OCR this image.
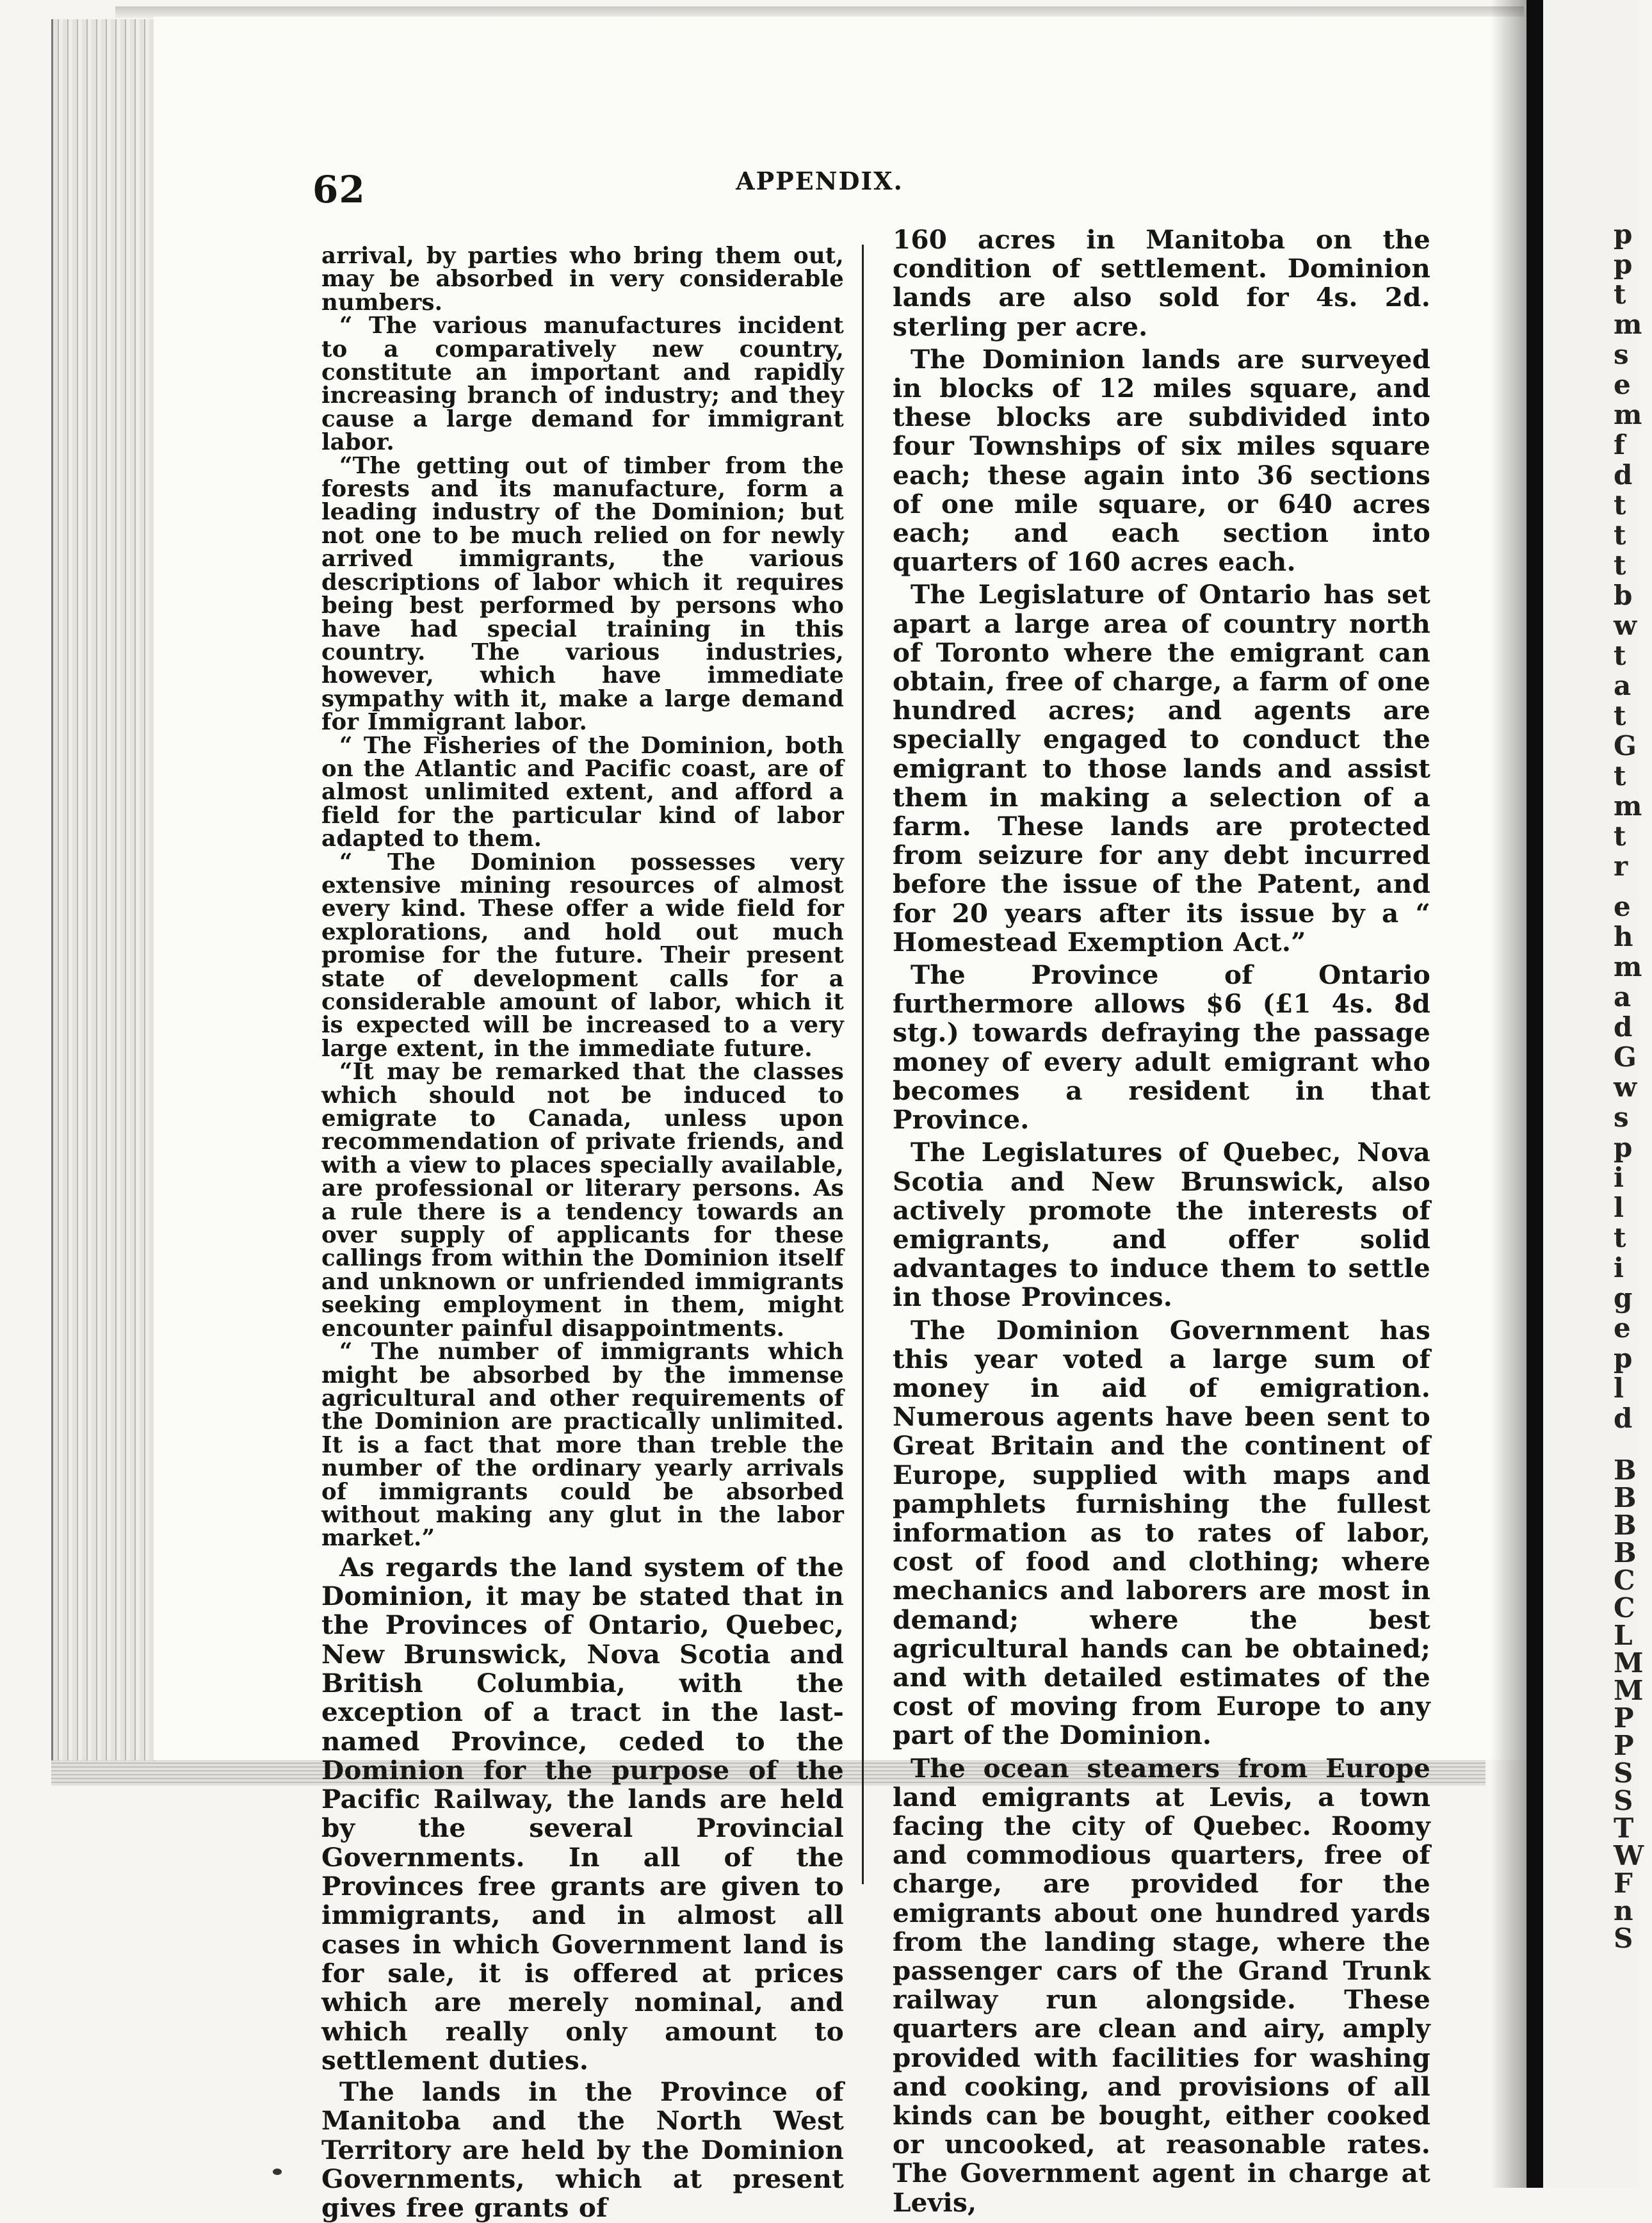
p
p
t
m
s
e
m
f
d
t
t
t
b
w
t
a
t
G
t
m
t
r
e
h
m
a
d
G
w
s
p
i
l
t
i
g
e
p
l
d
B
B
B
B
C
C
L
M
M
P
P
S
S
T
W
F
n
S
62	APPENDIX.

arrival, by parties who bring them out, may be absorbed in very considerable numbers.

“ The various manufactures incident to a comparatively new country, constitute an important and rapidly increasing branch of industry; and they cause a large demand for immigrant labor.

“The getting out of timber from the forests and its manufacture, form a leading industry of the Dominion; but not one to be much relied on for newly arrived immigrants, the various descriptions of labor which it requires being best performed by persons who have had special training in this country. The various industries, however, which have immediate sympathy with it, make a large demand for Immigrant labor.

“ The Fisheries of the Dominion, both on the Atlantic and Pacific coast, are of almost unlimited extent, and afford a field for the particular kind of labor adapted to them.

“ The Dominion possesses very extensive mining resources of almost every kind. These offer a wide field for explorations, and hold out much promise for the future. Their present state of development calls for a considerable amount of labor, which it is expected will be increased to a very large extent, in the immediate future.

“It may be remarked that the classes which should not be induced to emigrate to Canada, unless upon recommendation of private friends, and with a view to places specially available, are professional or literary persons. As a rule there is a tendency towards an over supply of applicants for these callings from within the Dominion itself and unknown or unfriended immigrants seeking employment in them, might encounter painful disappointments.

“ The number of immigrants which might be absorbed by the immense agricultural and other requirements of the Dominion are practically unlimited. It is a fact that more than treble the number of the ordinary yearly arrivals of immigrants could be absorbed without making any glut in the labor market.”

As regards the land system of the Dominion, it may be stated that in the Provinces of Ontario, Quebec, New Brunswick, Nova Scotia and British Columbia, with the exception of a tract in the last-named Province, ceded to the Dominion for the purpose of the Pacific Railway, the lands are held by the several Provincial Governments. In all of the Provinces free grants are given to immigrants, and in almost all cases in which Government land is for sale, it is offered at prices which are merely nominal, and which really only amount to settlement duties.

The lands in the Province of Manitoba and the North West Territory are held by the Dominion Governments, which at present gives free grants of

160 acres in Manitoba on the condition of settlement. Dominion lands are also sold for 4s. 2d. sterling per acre.

The Dominion lands are surveyed in blocks of 12 miles square, and these blocks are subdivided into four Townships of six miles square each; these again into 36 sections of one mile square, or 640 acres each; and each section into quarters of 160 acres each.

The Legislature of Ontario has set apart a large area of country north of Toronto where the emigrant can obtain, free of charge, a farm of one hundred acres; and agents are specially engaged to conduct the emigrant to those lands and assist them in making a selection of a farm. These lands are protected from seizure for any debt incurred before the issue of the Patent, and for 20 years after its issue by a “ Homestead Exemption Act.”

The Province of Ontario furthermore allows $6 (£1 4s. 8d stg.) towards defraying the passage money of every adult emigrant who becomes a resident in that Province.

The Legislatures of Quebec, Nova Scotia and New Brunswick, also actively promote the interests of emigrants, and offer solid advantages to induce them to settle in those Provinces.

The Dominion Government has this year voted a large sum of money in aid of emigration. Numerous agents have been sent to Great Britain and the continent of Europe, supplied with maps and pamphlets furnishing the fullest information as to rates of labor, cost of food and clothing; where mechanics and laborers are most in demand; where the best agricultural hands can be obtained; and with detailed estimates of the cost of moving from Europe to any part of the Dominion.

The ocean steamers from Europe land emigrants at Levis, a town facing the city of Quebec. Roomy and commodious quarters, free of charge, are provided for the emigrants about one hundred yards from the landing stage, where the passenger cars of the Grand Trunk railway run alongside. These quarters are clean and airy, amply provided with facilities for washing and cooking, and provisions of all kinds can be bought, either cooked or uncooked, at reasonable rates. The Government agent in charge at Levis,
